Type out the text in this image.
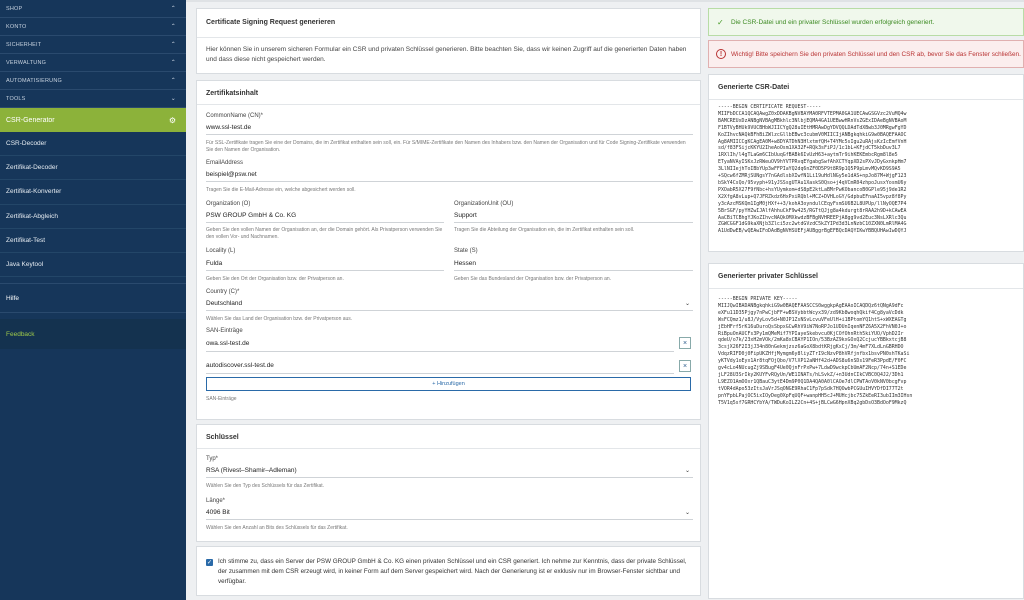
SHOP	⌃
KONTO	⌃
SICHERHEIT	⌃
VERWALTUNG	⌃
AUTOMATISIERUNG	⌃
TOOLS	⌄
CSR-Generator	⚙
CSR-Decoder
Zertifikat-Decoder
Zertifikat-Konverter
Zertifikat-Abgleich
Zertifikat-Test
Java Keytool
Hilfe
Feedback
Certificate Signing Request generieren

Hier können Sie in unserem sicheren Formular ein CSR und privaten Schlüssel generieren. Bitte beachten Sie, dass wir keinen Zugriff auf die generierten Daten haben und dass diese nicht gespeichert werden.

Zertifikatsinhalt
CommonName (CN)*
www.ssl-test.de

Für SSL-Zertifikate tragen Sie eine der Domains, die im Zertifikat enthalten sein soll, ein. Für S/MIME-Zertifikate den Namen des Inhabers bzw. den Namen der Organisation und für Code Signing-Zertifikate verwenden Sie den Namen der Organisation.

EmailAddress
beispiel@psw.net

Tragen Sie die E-Mail-Adresse ein, welche abgesichert werden soll.

Organization (O)
PSW GROUP GmbH & Co. KG

Geben Sie den vollen Namen der Organisation an, der die Domain gehört. Als Privatperson verwenden Sie den vollen Vor- und Nachnamen.

OrganizationUnit (OU)
Support

Tragen Sie die Abteilung der Organisation ein, die im Zertifikat enthalten sein soll.

Locality (L)
Fulda

Geben Sie den Ort der Organisation bzw. der Privatperson an.

State (S)
Hessen

Geben Sie das Bundesland der Organisation bzw. der Privatperson an.

Country (C)*
Deutschland	⌄

Wählen Sie das Land der Organisation bzw. der Privatperson aus.

SAN-Einträge
owa.ssl-test.de	×
autodiscover.ssl-test.de	×
+ Hinzufügen

SAN-Einträge

Schlüssel
Typ*
RSA (Rivest–Shamir–Adleman)	⌄

Wählen Sie den Typ des Schlüssels für das Zertifikat.

Länge*
4096 Bit	⌄

Wählen Sie den Anzahl an Bits des Schlüssels für das Zertifikat.

✓ Ich stimme zu, dass ein Server der PSW GROUP GmbH & Co. KG einen privaten Schlüssel und ein CSR generiert. Ich nehme zur Kenntnis, dass der private Schlüssel, der zusammen mit dem CSR erzeugt wird, in keiner Form auf dem Server gespeichert wird. Nach der Generierung ist er exklusiv nur im Browser-Fenster sichtbar und verfügbar.

✓ Die CSR-Datei und ein privater Schlüssel wurden erfolgreich generiert.
!	Wichtig! Bitte speichern Sie den privaten Schlüssel und den CSR ab, bevor Sie das Fenster schließen.
Generierte CSR-Datei
-----BEGIN CERTIFICATE REQUEST-----
MIIFbDCCA1QCAQAwgZ0xDDAKBgNVBAYMA0RFVTEPMA0GA1UECAwGSGVzc2VuMQ4w
BAMCREUxDzANBgNVBAgMBkhlc3NlbjEQMA4GA1UEBwwHRnVsZGExIDAeBgNVBAoM
F1BTVyBHUk9VUCBHbWJIICYgQ28uIEtHMRAwDgYDVQQLDAdTdXBwb3J0MRgwFgYD
KoZIhvcNAQkBFhBiZWlzcGllbEBwc3cubmV0MIICIjANBgkqhkiG9w0BAQEFAAOC
Ag8AMIICCgKCAgEA0M+w8DYATDhN3HlxtmfQH+T4YMc5sIgu2uRAjsKzIcEmfVnH
sd/f83FSijcKKYU2IheAoOsm1XA32F+RQk3sFiPJ/1c1bL+KFjdCT5kbDuv3L7
1RXlIh/l4gTLaGm6CIbUuqGfBABk6IvUzH63+aytmTr9ihKEKEmbcRgm8l8e5
ETyaNVAyISKxJzRWeuOV9hYVTPRvqEYgabgSwfAhXCTYqpXD2sPXvJDyGxnkpHm7
3LlNIIejhToIBbYUp3wFFPIaYQ2dq6nZF0D5P9t8R9p1Q5P9pLmvMQvKD9S9A5
+SQcw6fZMRjSUNgsY7nGAdlsbXIwfN1Li19uHdlNGy5e1dAS+npJo87M+WjgF123
bSkY4CsQo/95vyph+91yJSSsgUTAu1XaskS0Qso+j4qVCmR04zhpoJusxYosmU6y
PXOabR5X27F9fNbc+hsYUymkom+dS8pE2ktLaBMrPwKObancoB0GPle95j9de1R2
X2XfgA8vLup+Q7JFRZkdz6HxPxiRQbl+MCZ+DVHLoGY/GdpbuEFnaAI5vpz8f8Py
y3cAzcMSKQm1IgM0jHXf++3/kohA3oyndulCEqyFsmSU6B2L8UPUp/llNyOQE7P4
5BrSGF/pyYHZwIJAlfAhhuCkF9w425/RGTtQJjg8a4kdurgt8rRAA2h9D+kCAwEA
AaCBiTCBhgYJKoZIhvcNAQkOMXkwdzBFBgNVHREEPjA8gg9vd2Euc3NsLXRlc3Qu
ZGWCGGF1dG9kaXNjb3Zlci5zc2wtdGVzdC5kZYIPd3d3LnNzbC10ZXN0LmRlMA4G
A1UdDwEB/wQEAwIFoDAdBgNVHSUEFjAUBggrBgEFBQcDAQYIKwYBBQUHAwIwDQYJ
Generierter privater Schlüssel
-----BEGIN PRIVATE KEY-----
MIIJQwIBADANBgkqhkiG9w0BAQEFAASCCS0wggkpAgEAAoICAQDQz6tQNgA9dFc
eXFu11D35Pjgy7nPwCjbFF+wBSVybbtWcyx39/zd9Kb8woqhQkif4Cg8yaVcDdk
WsFCQmz1/u8J/VyLov5d+N0JP1ZsNSvLcvuVFeUlH+i1BPtomYQ1htS+xWXEAGTg
jEbHFrf5rK16uDuroQsSbpxGCwRhV9iW7NoRPJo1UDUnIqenNFZ6A5X2FhVN0J+o
RiBpuOnAUCFs3Py1mQMeMif7YPIayeSkebvcu0KjCOfOhnRth5kiYUO/VphD2Ir
qdeU/o7k/23xH2mVOk/2mKa8xCBAYP1IOn/53BzAZ9kxGOxQ2CcjucYBBkxtcjB8
3csjX26F2I3jJ34n80nGekmjzsz6aGoX8bdtKRjgKxCj/3m/4mF7XLdLnGBRHDO
VdqzRIFD0j0FipUKZHfjMymgm6y8liyZTrI9cNzvP8hVRfjnfbx1bsvPN0shTKaSi
yKTVdy1oEyx1Ar8tqFOjQbo/V7lXP12aNHf42d+ADS8u6nSDs19FeR3PpdE/F0FC
gv4cLo4NUcugZj9SBugF4Ue0QjnFrPxPw+7LdwD9wckpCbUmAF2Ncp/74n+S1EDe
jLF28U3SrIky2KUYFvRQyUn/WE1INATs/hLSvkZ/+n3UdnCIkCVBC0Q4J2/3Dh1
L9EZO1AmOOxr1QBauC3ytE4Dm9P0Q1DA4QA0A0lCAOe7dlCPWTAoV0kNV0bcgFvp
tVOR4dApo53zItsJaVrJSqONGE9RhaC1Fp7pSdk7HQOwbPCGUuIHVYDfDI77T2t
pnYFpbLPajOC5ixIOyDeg0XpFqUQF+wanpHH5cJ+MUHcjbc75ZkEeRI3ubIIm3IHsn
T5V1q5sf7GRHCYbYA/TWDuKoILZ2Cn+4S+jBLCwG6HpnXBq2gbDsO3BdOoF9MkzQ
